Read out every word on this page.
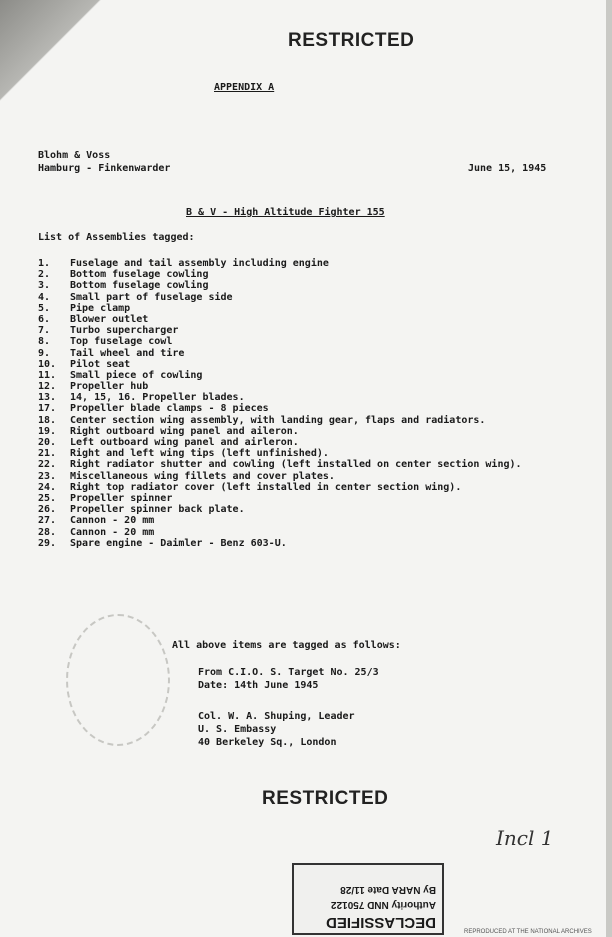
RESTRICTED
APPENDIX A
Blohm & Voss
Hamburg - Finkenwarder	June 15, 1945
B & V - High Altitude Fighter 155
List of Assemblies tagged:
1.	Fuselage and tail assembly including engine
2.	Bottom fuselage cowling
3.	Bottom fuselage cowling
4.	Small part of fuselage side
5.	Pipe clamp
6.	Blower outlet
7.	Turbo supercharger
8.	Top fuselage cowl
9.	Tail wheel and tire
10.	Pilot seat
11.	Small piece of cowling
12.	Propeller hub
13.	14, 15, 16. Propeller blades.
17.	Propeller blade clamps - 8 pieces
18.	Center section wing assembly, with landing gear, flaps and radiators.
19.	Right outboard wing panel and aileron.
20.	Left outboard wing panel and airleron.
21.	Right and left wing tips (left unfinished).
22.	Right radiator shutter and cowling (left installed on center section wing).
23.	Miscellaneous wing fillets and cover plates.
24.	Right top radiator cover (left installed in center section wing).
25.	Propeller spinner
26.	Propeller spinner back plate.
27.	Cannon - 20 mm
28.	Cannon - 20 mm
29.	Spare engine - Daimler - Benz 603-U.
All above items are tagged as follows:
From C.I.O. S. Target No. 25/3
Date: 14th June 1945
Col. W. A. Shuping, Leader
U. S. Embassy
40 Berkeley Sq., London
RESTRICTED
Incl 1
DECLASSIFIED
Authority NND 750122
By NARA Date 11/28
REPRODUCED AT THE NATIONAL ARCHIVES
